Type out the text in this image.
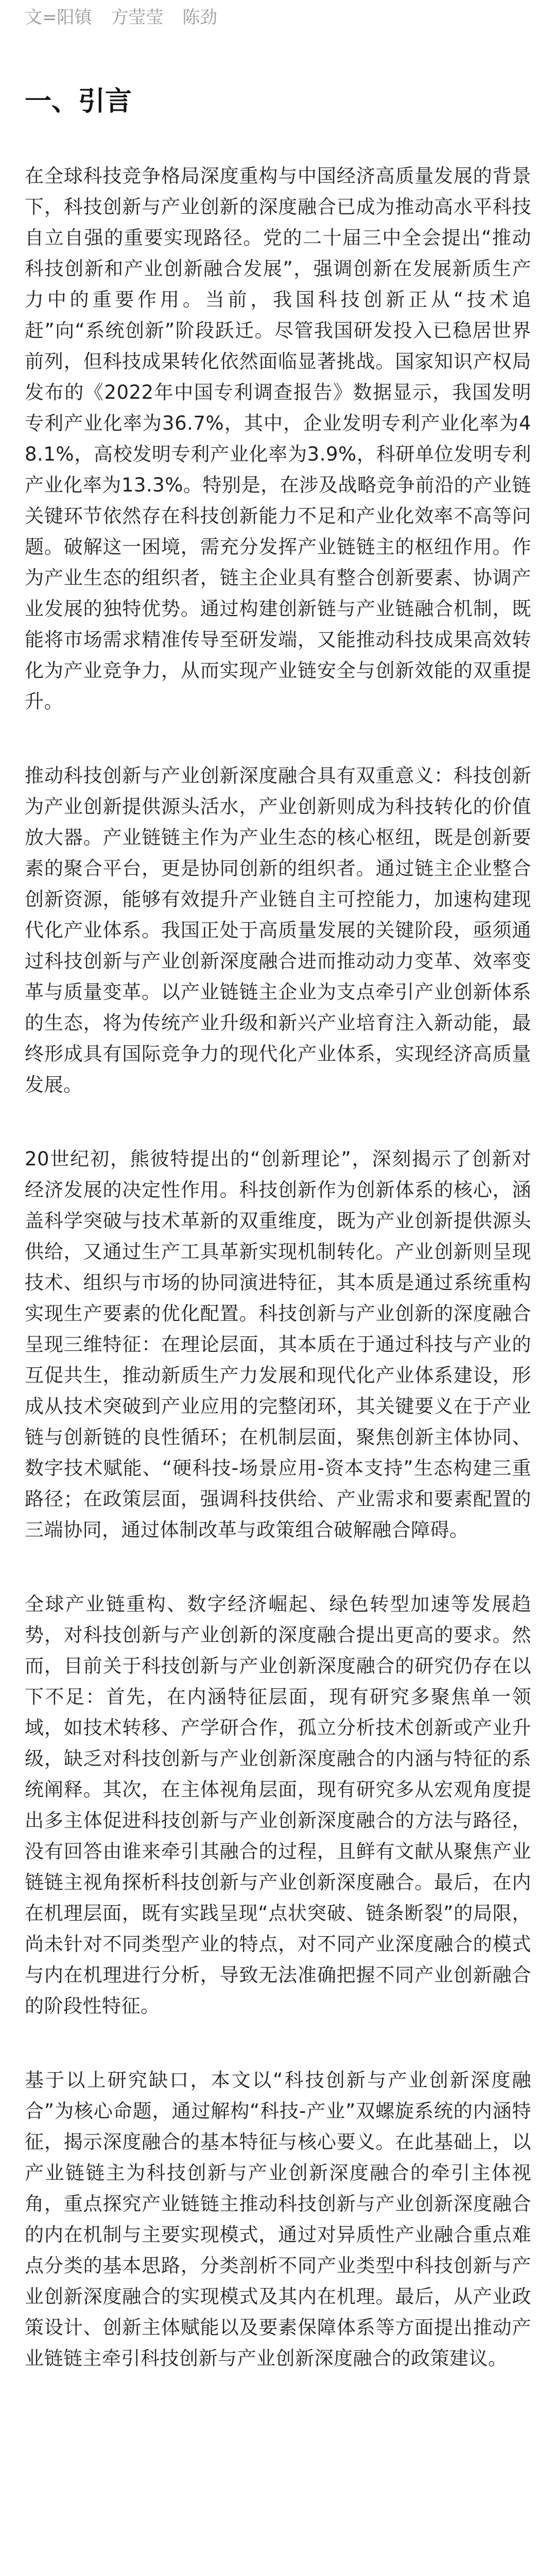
文=阳镇 方莹莹 陈劲

一、引言

在全球科技竞争格局深度重构与中国经济高质量发展的背景下，科技创新与产业创新的深度融合已成为推动高水平科技自立自强的重要实现路径。党的二十届三中全会提出“推动科技创新和产业创新融合发展”，强调创新在发展新质生产力中的重要作用。当前，我国科技创新正从“技术追赶”向“系统创新”阶段跃迁。尽管我国研发投入已稳居世界前列，但科技成果转化依然面临显著挑战。国家知识产权局发布的《2022年中国专利调查报告》数据显示，我国发明专利产业化率为36.7%，其中，企业发明专利产业化率为48.1%，高校发明专利产业化率为3.9%，科研单位发明专利产业化率为13.3%。特别是，在涉及战略竞争前沿的产业链关键环节依然存在科技创新能力不足和产业化效率不高等问题。破解这一困境，需充分发挥产业链链主的枢纽作用。作为产业生态的组织者，链主企业具有整合创新要素、协调产业发展的独特优势。通过构建创新链与产业链融合机制，既能将市场需求精准传导至研发端，又能推动科技成果高效转化为产业竞争力，从而实现产业链安全与创新效能的双重提升。

推动科技创新与产业创新深度融合具有双重意义：科技创新为产业创新提供源头活水，产业创新则成为科技转化的价值放大器。产业链链主作为产业生态的核心枢纽，既是创新要素的聚合平台，更是协同创新的组织者。通过链主企业整合创新资源，能够有效提升产业链自主可控能力，加速构建现代化产业体系。我国正处于高质量发展的关键阶段，亟须通过科技创新与产业创新深度融合进而推动动力变革、效率变革与质量变革。以产业链链主企业为支点牵引产业创新体系的生态，将为传统产业升级和新兴产业培育注入新动能，最终形成具有国际竞争力的现代化产业体系，实现经济高质量发展。

20世纪初，熊彼特提出的“创新理论”，深刻揭示了创新对经济发展的决定性作用。科技创新作为创新体系的核心，涵盖科学突破与技术革新的双重维度，既为产业创新提供源头供给，又通过生产工具革新实现机制转化。产业创新则呈现技术、组织与市场的协同演进特征，其本质是通过系统重构实现生产要素的优化配置。科技创新与产业创新的深度融合呈现三维特征：在理论层面，其本质在于通过科技与产业的互促共生，推动新质生产力发展和现代化产业体系建设，形成从技术突破到产业应用的完整闭环，其关键要义在于产业链与创新链的良性循环；在机制层面，聚焦创新主体协同、数字技术赋能、“硬科技-场景应用-资本支持”生态构建三重路径；在政策层面，强调科技供给、产业需求和要素配置的三端协同，通过体制改革与政策组合破解融合障碍。

全球产业链重构、数字经济崛起、绿色转型加速等发展趋势，对科技创新与产业创新的深度融合提出更高的要求。然而，目前关于科技创新与产业创新深度融合的研究仍存在以下不足：首先，在内涵特征层面，现有研究多聚焦单一领域，如技术转移、产学研合作，孤立分析技术创新或产业升级，缺乏对科技创新与产业创新深度融合的内涵与特征的系统阐释。其次，在主体视角层面，现有研究多从宏观角度提出多主体促进科技创新与产业创新深度融合的方法与路径，没有回答由谁来牵引其融合的过程，且鲜有文献从聚焦产业链链主视角探析科技创新与产业创新深度融合。最后，在内在机理层面，既有实践呈现“点状突破、链条断裂”的局限，尚未针对不同类型产业的特点，对不同产业深度融合的模式与内在机理进行分析，导致无法准确把握不同产业创新融合的阶段性特征。

基于以上研究缺口，本文以“科技创新与产业创新深度融合”为核心命题，通过解构“科技-产业”双螺旋系统的内涵特征，揭示深度融合的基本特征与核心要义。在此基础上，以产业链链主为科技创新与产业创新深度融合的牵引主体视角，重点探究产业链链主推动科技创新与产业创新深度融合的内在机制与主要实现模式，通过对异质性产业融合重点难点分类的基本思路，分类剖析不同产业类型中科技创新与产业创新深度融合的实现模式及其内在机理。最后，从产业政策设计、创新主体赋能以及要素保障体系等方面提出推动产业链链主牵引科技创新与产业创新深度融合的政策建议。
